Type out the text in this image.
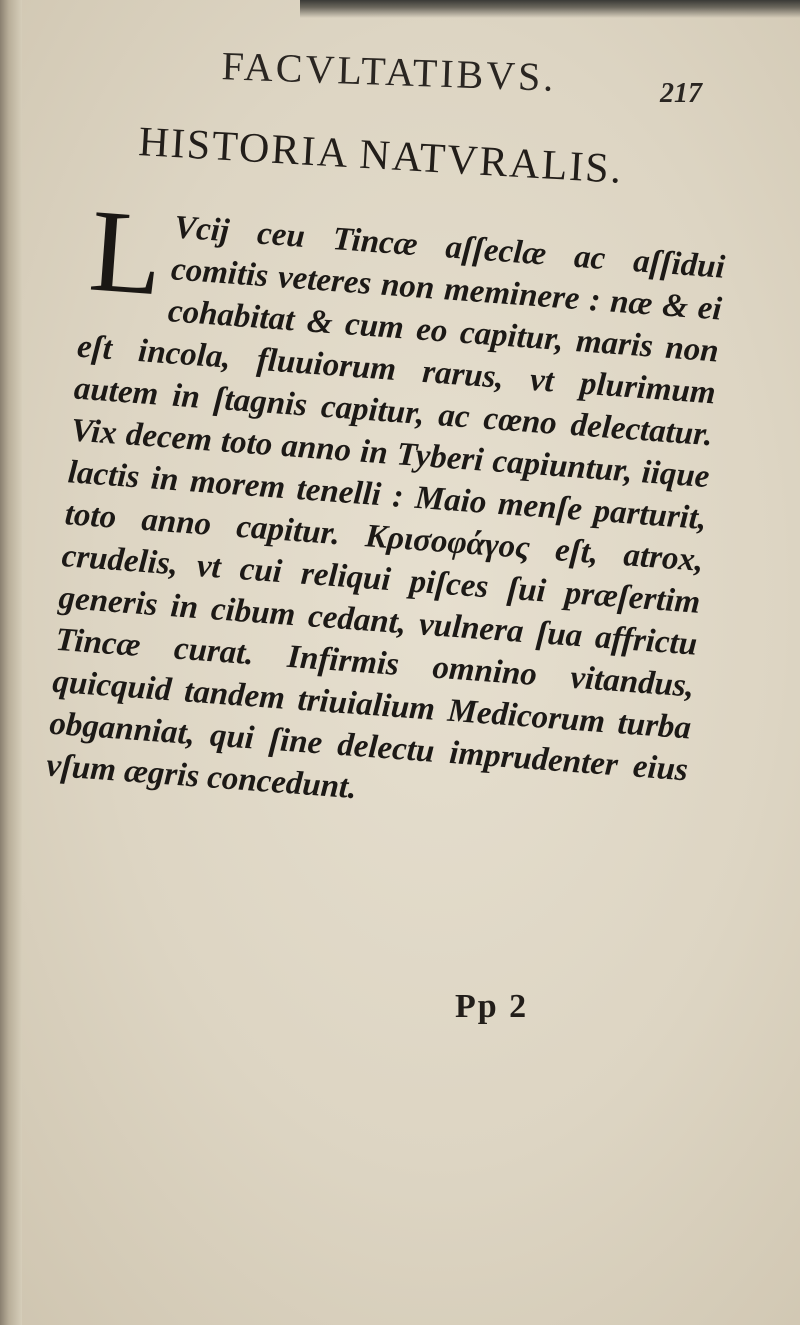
FACVLTATIBVS.	217
HISTORIA NATVRALIS.
L Vcij ceu Tincæ aſſeclæ ac aſſidui comitis veteres non meminere : næ & ei cohabitat & cum eo capitur, maris non eſt incola, fluuiorum rarus, vt plurimum autem in ſtagnis capitur, ac cœno delectatur. Vix decem toto anno in Tyberi capiuntur, iique lactis in morem tenelli : Maio menſe parturit, toto anno capitur. Κρισοφάγος eſt, atrox, crudelis, vt cui reliqui piſces ſui præſertim generis in cibum cedant, vulnera ſua affrictu Tincæ curat. Infirmis omnino vitandus, quicquid tandem triuialium Medicorum turba obganniat, qui ſine delectu imprudenter eius vſum ægris concedunt.

Pp 2
